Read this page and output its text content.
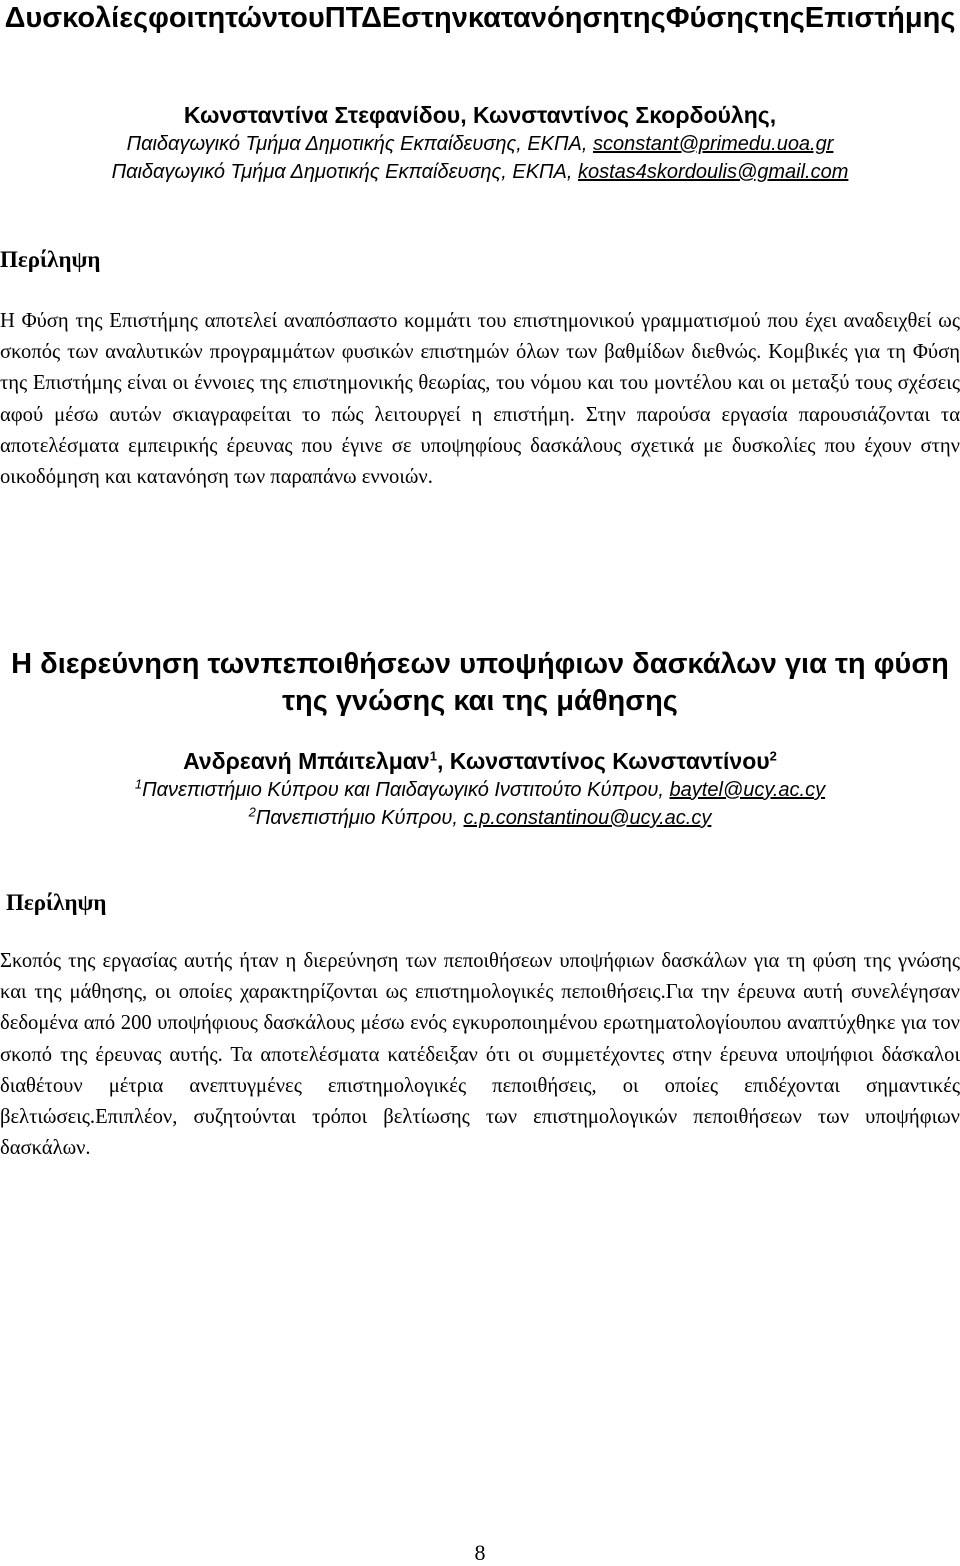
ΔυσκολίεςφοιτητώντουΠΤΔΕστηνκατανόησητηςΦύσηςτηςΕπιστήμης
Κωνσταντίνα Στεφανίδου, Κωνσταντίνος Σκορδούλης,
Παιδαγωγικό Τμήμα Δημοτικής Εκπαίδευσης, ΕΚΠΑ, sconstant@primedu.uoa.gr
Παιδαγωγικό Τμήμα Δημοτικής Εκπαίδευσης, ΕΚΠΑ, kostas4skordoulis@gmail.com
Περίληψη
Η Φύση της Επιστήμης αποτελεί αναπόσπαστο κομμάτι του επιστημονικού γραμματισμού που έχει αναδειχθεί ως σκοπός των αναλυτικών προγραμμάτων φυσικών επιστημών όλων των βαθμίδων διεθνώς. Κομβικές για τη Φύση της Επιστήμης είναι οι έννοιες της επιστημονικής θεωρίας, του νόμου και του μοντέλου και οι μεταξύ τους σχέσεις αφού μέσω αυτών σκιαγραφείται το πώς λειτουργεί η επιστήμη. Στην παρούσα εργασία παρουσιάζονται τα αποτελέσματα εμπειρικής έρευνας που έγινε σε υποψηφίους δασκάλους σχετικά με δυσκολίες που έχουν στην οικοδόμηση και κατανόηση των παραπάνω εννοιών.
Η διερεύνηση τωνπεποιθήσεων υποψήφιων δασκάλων για τη φύση της γνώσης και της μάθησης
Ανδρεανή Μπάιτελμαν$^1$, Κωνσταντίνος Κωνσταντίνου$^2$
$^1$Πανεπιστήμιο Κύπρου και Παιδαγωγικό Ινστιτούτο Κύπρου, baytel@ucy.ac.cy
$^2$Πανεπιστήμιο Κύπρου, c.p.constantinou@ucy.ac.cy
Περίληψη
Σκοπός της εργασίας αυτής ήταν η διερεύνηση των πεποιθήσεων υποψήφιων δασκάλων για τη φύση της γνώσης και της μάθησης, οι οποίες χαρακτηρίζονται ως επιστημολογικές πεποιθήσεις.Για την έρευνα αυτή συνελέγησαν δεδομένα από 200 υποψήφιους δασκάλους μέσω ενός εγκυροποιημένου ερωτηματολογίουπου αναπτύχθηκε για τον σκοπό της έρευνας αυτής. Τα αποτελέσματα κατέδειξαν ότι οι συμμετέχοντες στην έρευνα υποψήφιοι δάσκαλοι διαθέτουν μέτρια ανεπτυγμένες επιστημολογικές πεποιθήσεις, οι οποίες επιδέχονται σημαντικές βελτιώσεις.Επιπλέον, συζητούνται τρόποι βελτίωσης των επιστημολογικών πεποιθήσεων των υποψήφιων δασκάλων.
8
